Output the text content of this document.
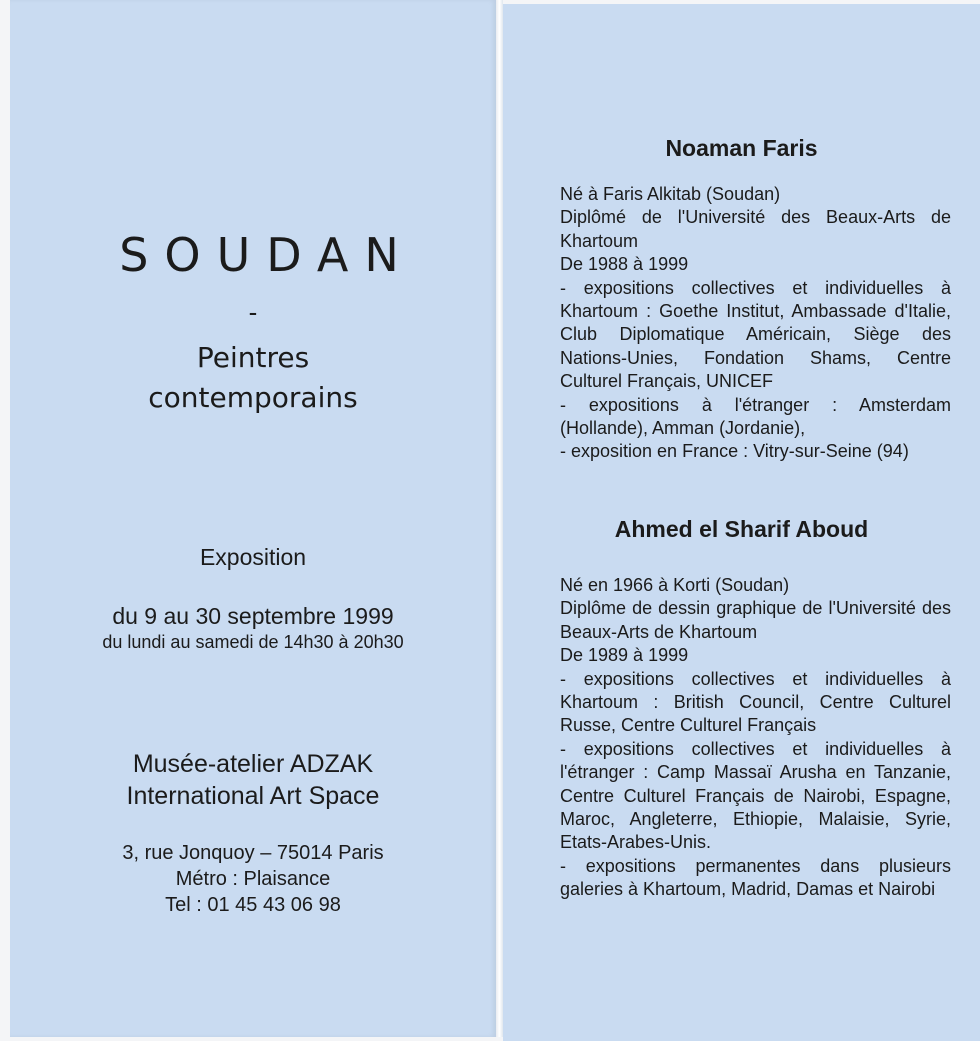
SOUDAN
-
Peintres
contemporains
Exposition
du 9 au 30 septembre 1999
du lundi au samedi de 14h30 à 20h30
Musée-atelier ADZAK
International Art Space
3, rue Jonquoy – 75014 Paris
Métro : Plaisance
Tel : 01 45 43 06 98
Noaman Faris

Né à Faris Alkitab (Soudan)

Diplômé de l'Université des Beaux-Arts de Khartoum

De 1988 à 1999

- expositions collectives et individuelles à Khartoum : Goethe Institut, Ambassade d'Italie, Club Diplomatique Américain, Siège des Nations-Unies, Fondation Shams, Centre Culturel Français, UNICEF

- expositions à l'étranger : Amsterdam (Hollande), Amman (Jordanie),

- exposition en France : Vitry-sur-Seine (94)

Ahmed el Sharif Aboud

Né en 1966 à Korti (Soudan)

Diplôme de dessin graphique de l'Université des Beaux-Arts de Khartoum

De 1989 à 1999

- expositions collectives et individuelles à Khartoum : British Council, Centre Culturel Russe, Centre Culturel Français

- expositions collectives et individuelles à l'étranger : Camp Massaï Arusha en Tanzanie, Centre Culturel Français de Nairobi, Espagne, Maroc, Angleterre, Ethiopie, Malaisie, Syrie, Etats-Arabes-Unis.

- expositions permanentes dans plusieurs galeries à Khartoum, Madrid, Damas et Nairobi
